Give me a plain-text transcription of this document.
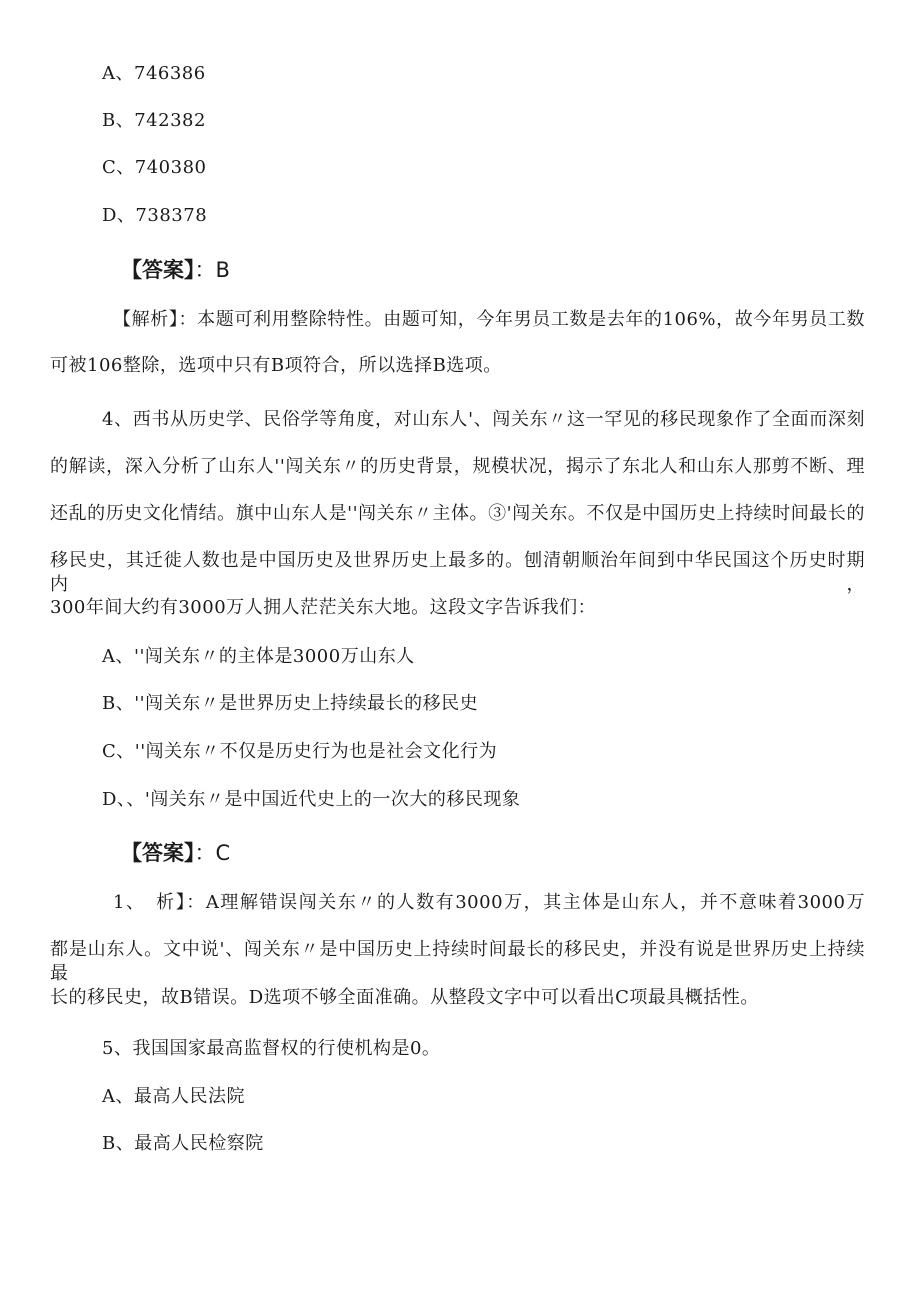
A、746386
B、742382
C、740380
D、738378
【答案】：B
【解析】：本题可利用整除特性。由题可知，今年男员工数是去年的106%，故今年男员工数
可被106整除，选项中只有B项符合，所以选择B选项。
4、西书从历史学、民俗学等角度，对山东人'、闯关东〃这一罕见的移民现象作了全面而深刻
的解读，深入分析了山东人''闯关东〃的历史背景，规模状况，揭示了东北人和山东人那剪不断、理
还乱的历史文化情结。旗中山东人是''闯关东〃主体。③'闯关东。不仅是中国历史上持续时间最长的
移民史，其迁徙人数也是中国历史及世界历史上最多的。刨清朝顺治年间到中华民国这个历史时期内，
300年间大约有3000万人拥人茫茫关东大地。这段文字告诉我们：
A、''闯关东〃的主体是3000万山东人
B、''闯关东〃是世界历史上持续最长的移民史
C、''闯关东〃不仅是历史行为也是社会文化行为
D、、'闯关东〃是中国近代史上的一次大的移民现象
【答案】：C
1、　析】：A理解错误闯关东〃的人数有3000万，其主体是山东人，并不意味着3000万
都是山东人。文中说'、闯关东〃是中国历史上持续时间最长的移民史，并没有说是世界历史上持续最
长的移民史，故B错误。D选项不够全面准确。从整段文字中可以看出C项最具概括性。
5、我国国家最高监督权的行使机构是0。
A、最高人民法院
B、最高人民检察院
